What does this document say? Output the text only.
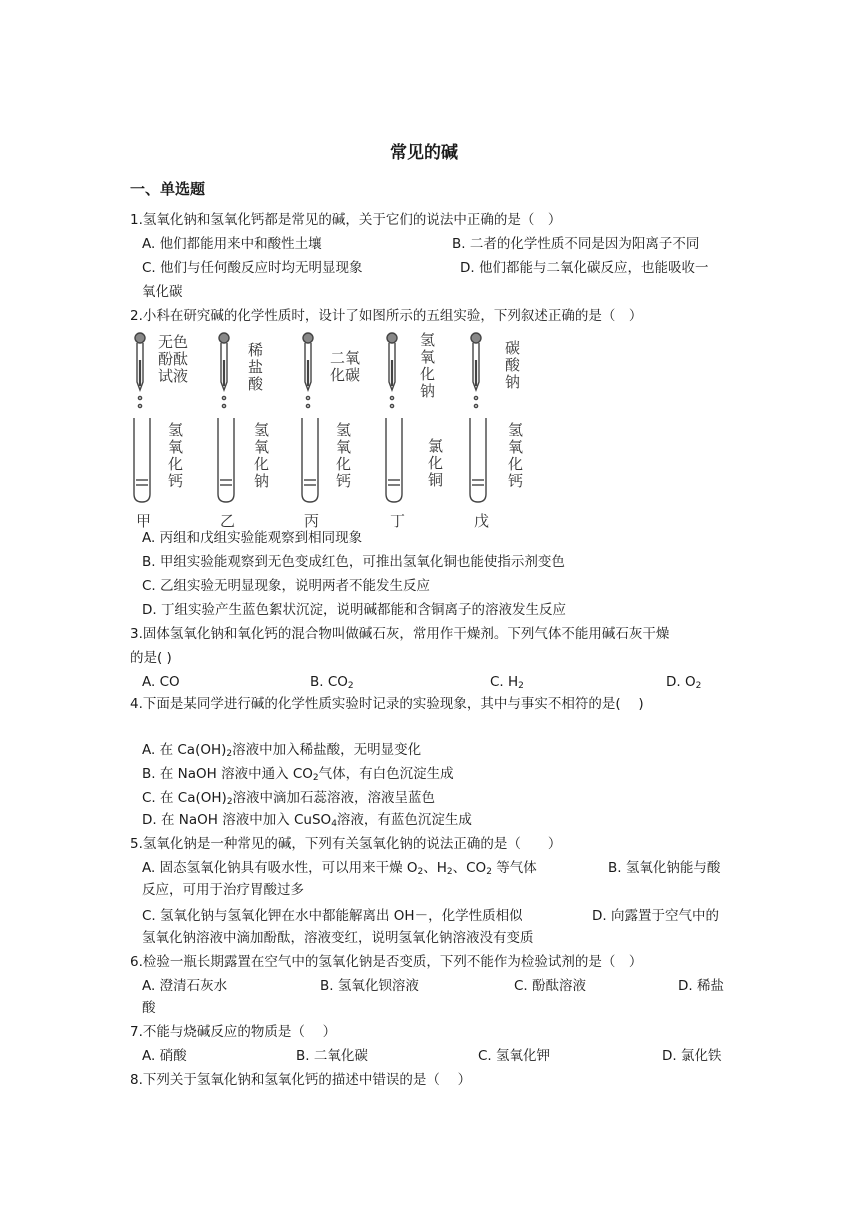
常见的碱
一、单选题
1.氢氧化钠和氢氧化钙都是常见的碱，关于它们的说法中正确的是（　）
A. 他们都能用来中和酸性土壤	B. 二者的化学性质不同是因为阳离子不同
C. 他们与任何酸反应时均无明显现象	D. 他们都能与二氧化碳反应，也能吸收一
氧化碳
2.小科在研究碱的化学性质时，设计了如图所示的五组实验，下列叙述正确的是（　）
无色
酚酞
试液
稀
盐
酸
二氧
化碳
氢
氧
化
钠
碳
酸
钠
氢
氧
化
钙
氢
氧
化
钠
氢
氧
化
钙
氯
化
铜
氢
氧
化
钙
甲	乙	丙	丁	戊
A. 丙组和戊组实验能观察到相同现象
B. 甲组实验能观察到无色变成红色，可推出氢氧化铜也能使指示剂变色
C. 乙组实验无明显现象，说明两者不能发生反应
D. 丁组实验产生蓝色絮状沉淀，说明碱都能和含铜离子的溶液发生反应
3.固体氢氧化钠和氧化钙的混合物叫做碱石灰，常用作干燥剂。下列气体不能用碱石灰干燥
的是( )
A. CO	B. $CO_2$	C. $H_2$	D. $O_2$
4.下面是某同学进行碱的化学性质实验时记录的实验现象，其中与事实不相符的是(　 )
A. 在 $Ca(OH)_2$溶液中加入稀盐酸，无明显变化
B. 在 NaOH 溶液中通入 $CO_2$气体，有白色沉淀生成
C. 在 $Ca(OH)_2$溶液中滴加石蕊溶液，溶液呈蓝色
D. 在 NaOH 溶液中加入 CuSO$_4$溶液，有蓝色沉淀生成
5.氢氧化钠是一种常见的碱，下列有关氢氧化钠的说法正确的是（　　）
A. 固态氢氧化钠具有吸水性，可以用来干燥 $O_2$、$H_2$、$CO_2$ 等气体	B. 氢氧化钠能与酸
反应，可用于治疗胃酸过多
C. 氢氧化钠与氢氧化钾在水中都能解离出 OH－，化学性质相似	D. 向露置于空气中的
氢氧化钠溶液中滴加酚酞，溶液变红，说明氢氧化钠溶液没有变质
6.检验一瓶长期露置在空气中的氢氧化钠是否变质，下列不能作为检验试剂的是（　）
A. 澄清石灰水	B. 氢氧化钡溶液	C. 酚酞溶液	D. 稀盐
酸
7.不能与烧碱反应的物质是（　 ）
A. 硝酸	B. 二氧化碳	C. 氢氧化钾	D. 氯化铁
8.下列关于氢氧化钠和氢氧化钙的描述中错误的是（　 ）
